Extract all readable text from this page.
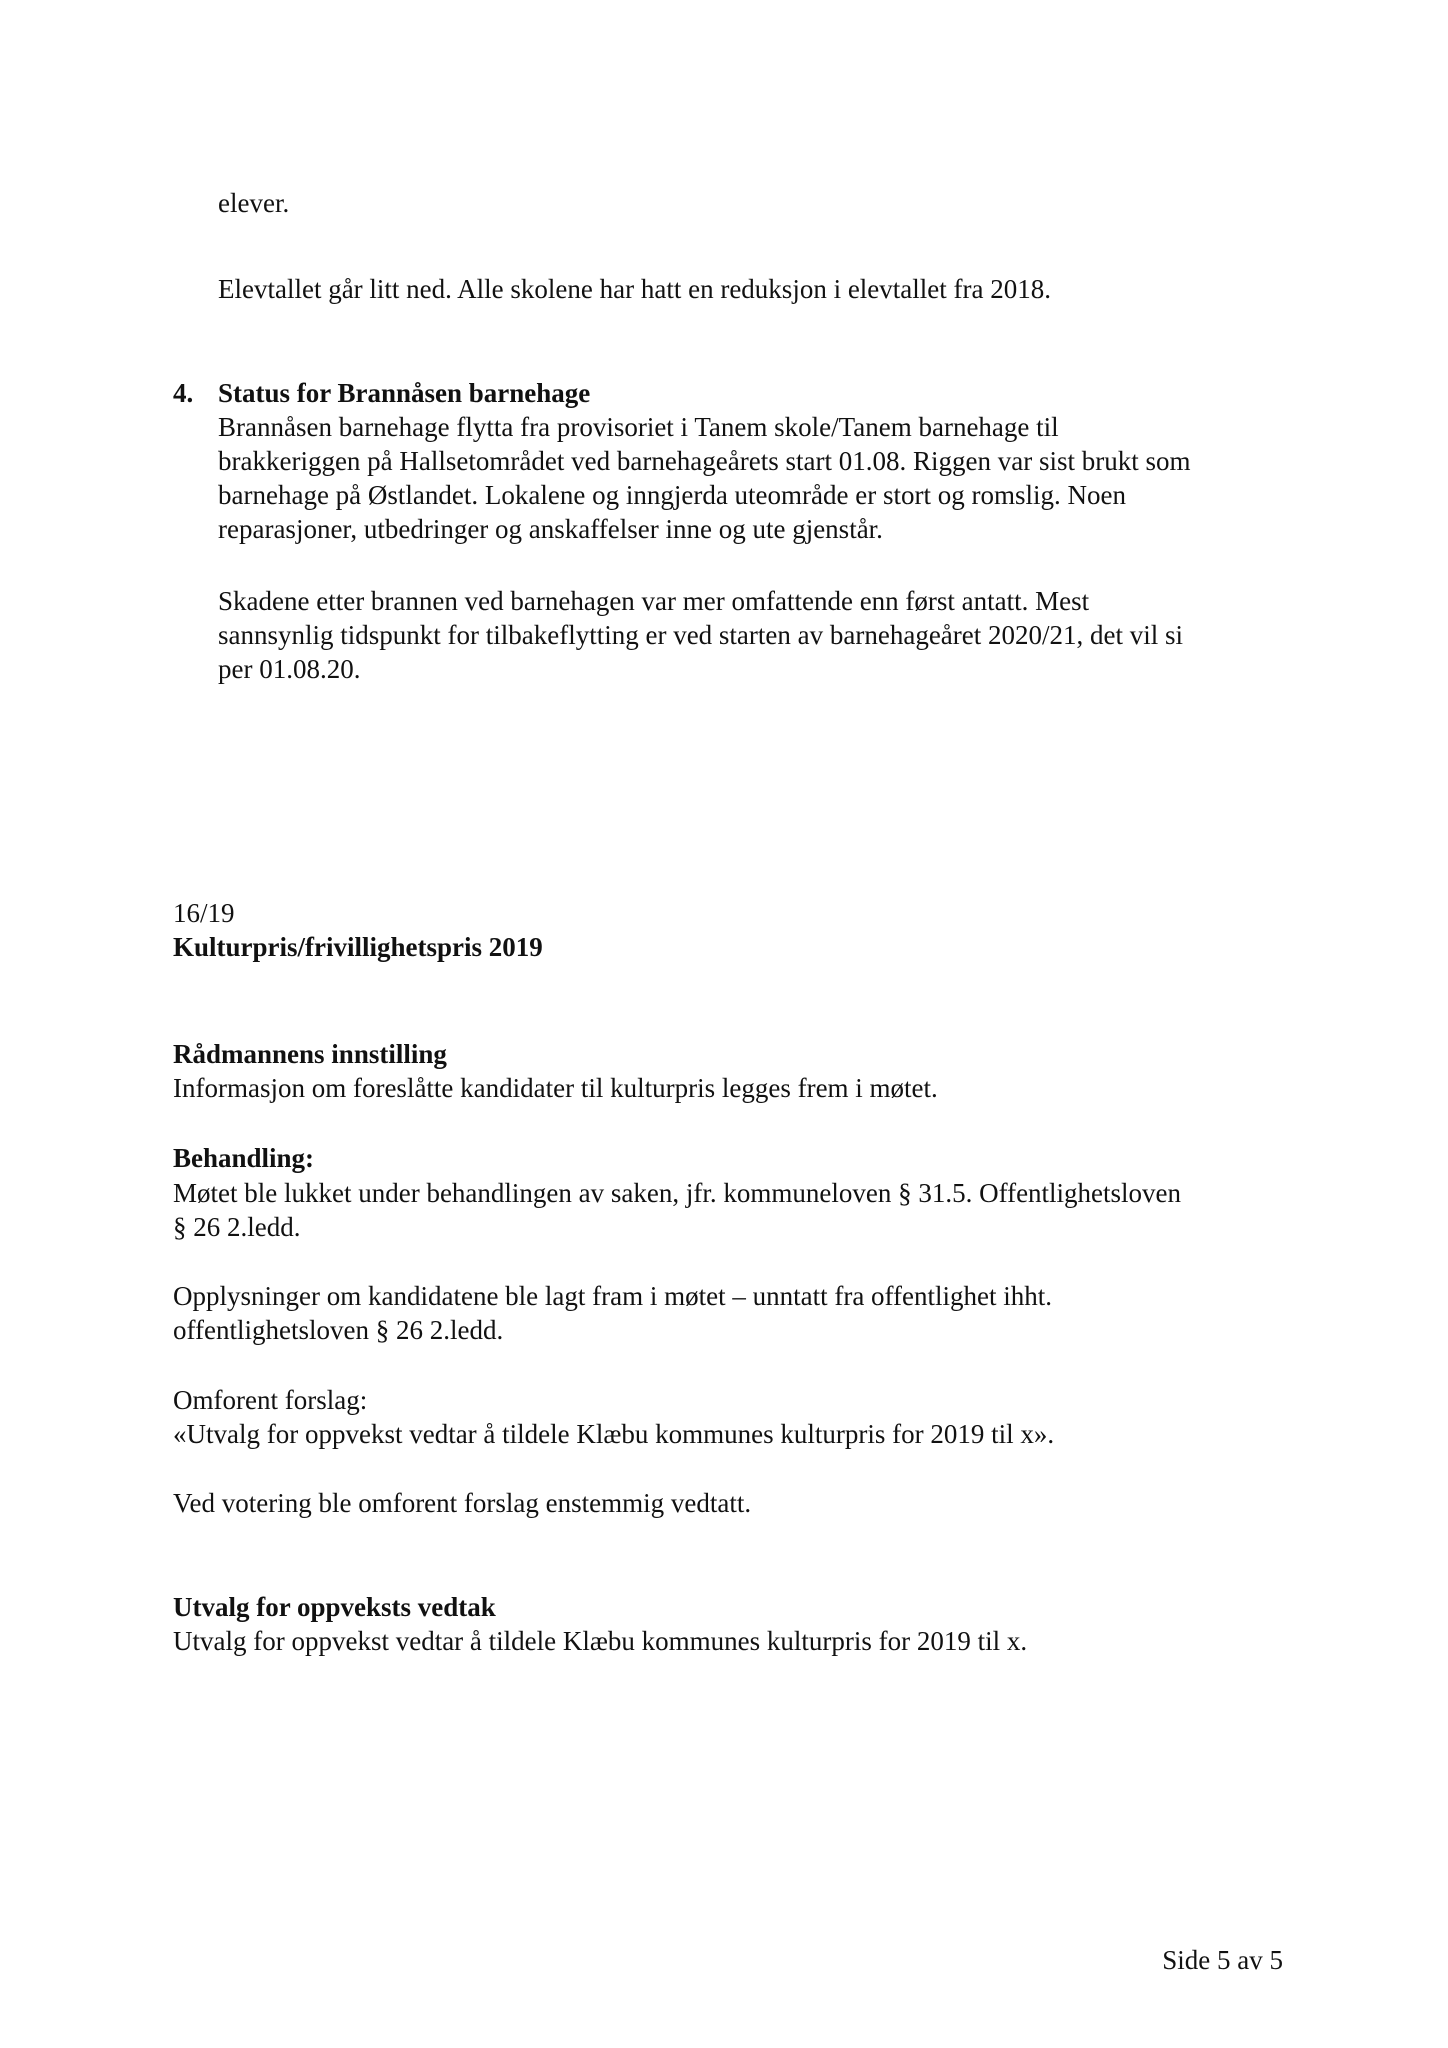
elever.

Elevtallet går litt ned. Alle skolene har hatt en reduksjon i elevtallet fra 2018.

4. Status for Brannåsen barnehage

Brannåsen barnehage flytta fra provisoriet i Tanem skole/Tanem barnehage til
brakkeriggen på Hallsetområdet ved barnehageårets start 01.08. Riggen var sist brukt som
barnehage på Østlandet. Lokalene og inngjerda uteområde er stort og romslig. Noen
reparasjoner, utbedringer og anskaffelser inne og ute gjenstår.
Skadene etter brannen ved barnehagen var mer omfattende enn først antatt. Mest
sannsynlig tidspunkt for tilbakeflytting er ved starten av barnehageåret 2020/21, det vil si
per 01.08.20.

16/19

Kulturpris/frivillighetspris 2019

Rådmannens innstilling

Informasjon om foreslåtte kandidater til kulturpris legges frem i møtet.

Behandling:

Møtet ble lukket under behandlingen av saken, jfr. kommuneloven § 31.5. Offentlighetsloven
§ 26 2.ledd.
Opplysninger om kandidatene ble lagt fram i møtet – unntatt fra offentlighet ihht.
offentlighetsloven § 26 2.ledd.
Omforent forslag:
«Utvalg for oppvekst vedtar å tildele Klæbu kommunes kulturpris for 2019 til x».

Ved votering ble omforent forslag enstemmig vedtatt.

Utvalg for oppveksts vedtak

Utvalg for oppvekst vedtar å tildele Klæbu kommunes kulturpris for 2019 til x.

Side 5 av 5
